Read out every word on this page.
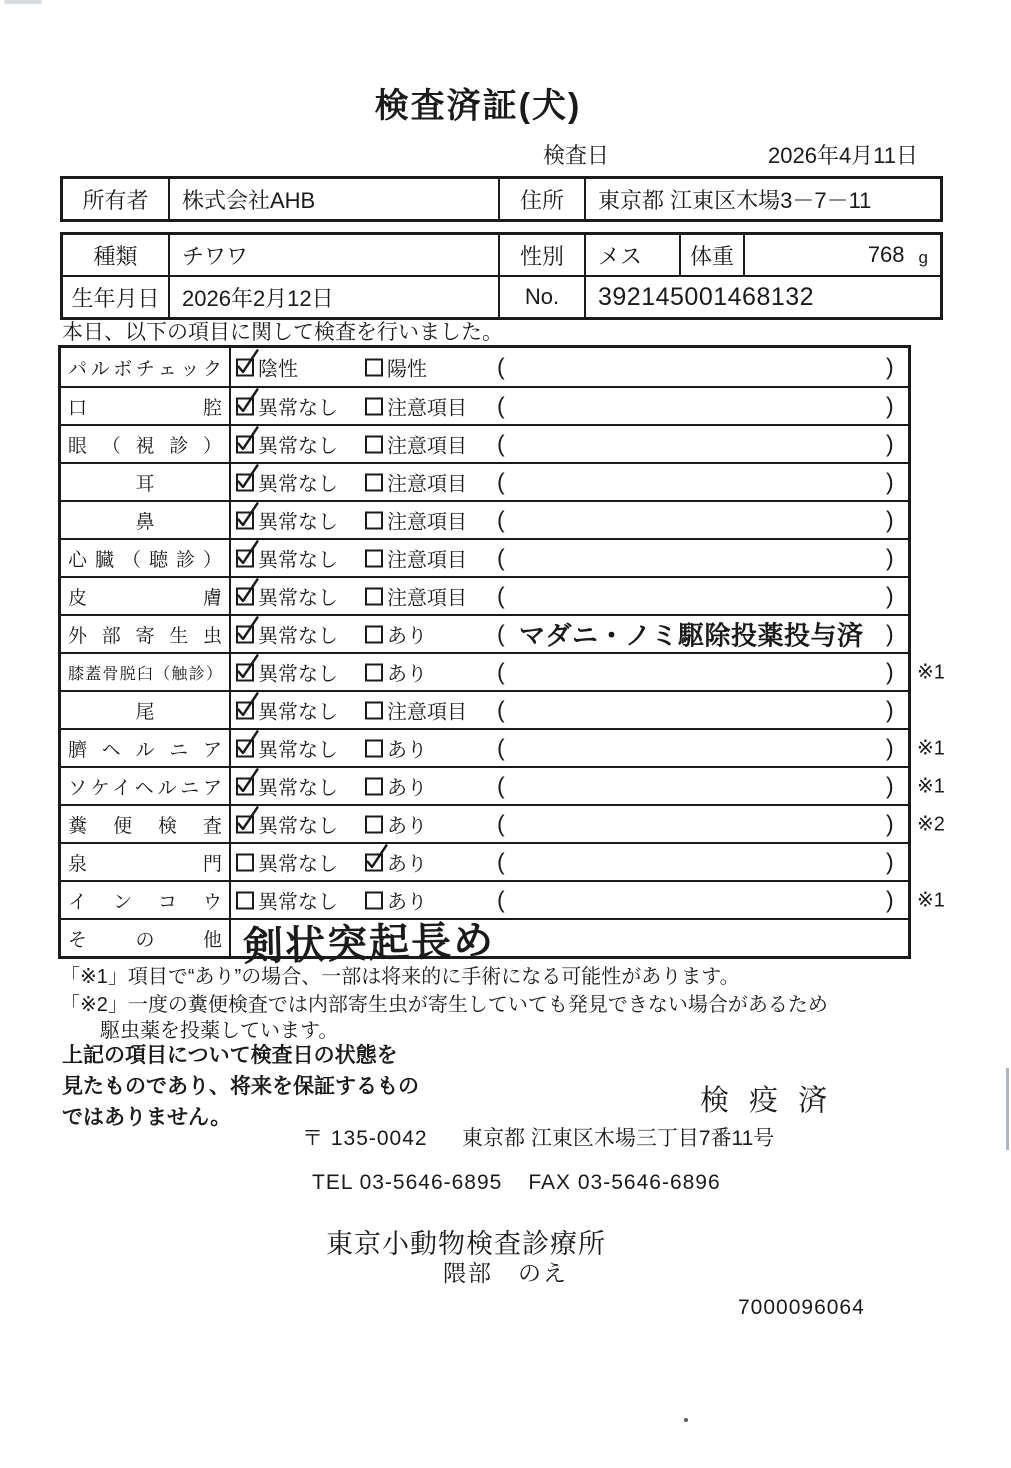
検査済証(犬)
検査日	2026年4月11日
所有者	株式会社AHB	住所	東京都 江東区木場3－7－11
種類	チワワ	性別	メス	体重	768 g
生年月日	2026年2月12日	No.	392145001468132
本日、以下の項目に関して検査を行いました。
パルボチェック 陰性	陽性	(	)
口腔 異常なし 注意項目 (	)
眼（視診） 異常なし 注意項目 (	)
耳	異常なし 注意項目 (	)
鼻	異常なし 注意項目 (	)
心臓（聴診） 異常なし 注意項目 (	)
皮膚 異常なし 注意項目 (	)
外部寄生虫 異常なし あり	( マダニ・ノミ駆除投薬投与済 )
膝蓋骨脱臼（触診） 異常なし あり	(	) ※1
尾	異常なし 注意項目 (	)
臍ヘルニア 異常なし あり	(	) ※1
ソケイヘルニア 異常なし あり	(	) ※1
糞便検査 異常なし あり	(	) ※2
泉門 異常なし あり	(	)
インコウ 異常なし あり	(	) ※1
その他 剣状突起長め
「※1」項目で“あり”の場合、一部は将来的に手術になる可能性があります。
「※2」一度の糞便検査では内部寄生虫が寄生していても発見できない場合があるため
駆虫薬を投薬しています。
上記の項目について検査日の状態を
見たものであり、将来を保証するもの
ではありません。
検 疫 済
〒 135-0042 東京都 江東区木場三丁目7番11号
TEL 03-5646-6895 FAX 03-5646-6896
東京小動物検査診療所
隈部　のえ
7000096064
